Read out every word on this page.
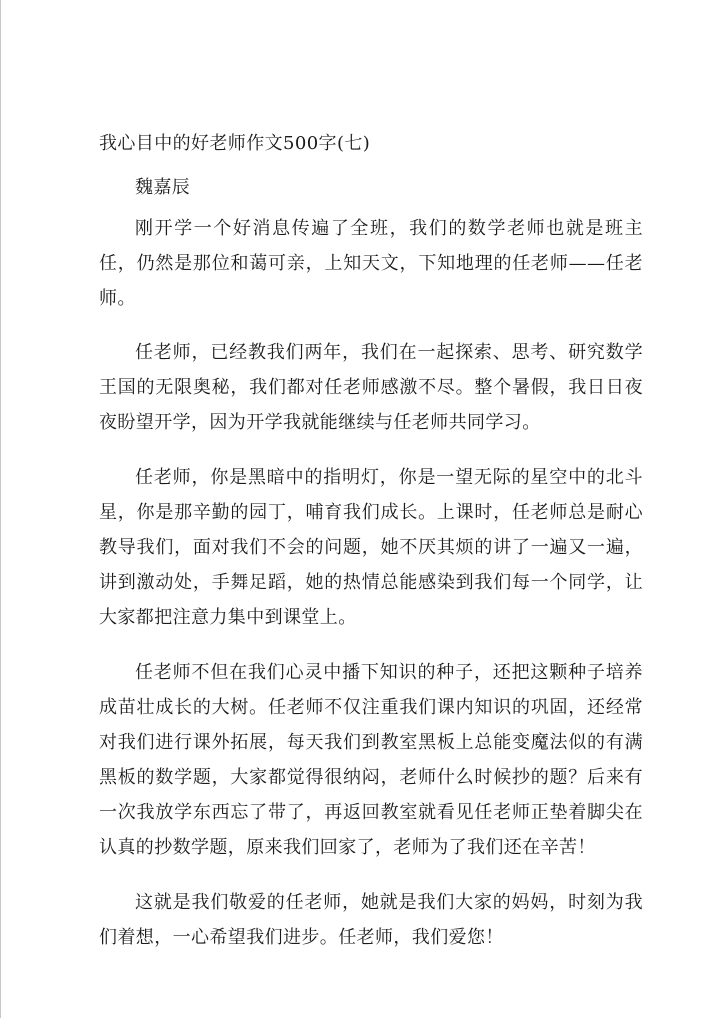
我心目中的好老师作文500字(七)

魏嘉辰

刚开学一个好消息传遍了全班，我们的数学老师也就是班主任，仍然是那位和蔼可亲，上知天文，下知地理的任老师——任老师。

任老师，已经教我们两年，我们在一起探索、思考、研究数学王国的无限奥秘，我们都对任老师感激不尽。整个暑假，我日日夜夜盼望开学，因为开学我就能继续与任老师共同学习。

任老师，你是黑暗中的指明灯，你是一望无际的星空中的北斗星，你是那辛勤的园丁，哺育我们成长。上课时，任老师总是耐心教导我们，面对我们不会的问题，她不厌其烦的讲了一遍又一遍，讲到激动处，手舞足蹈，她的热情总能感染到我们每一个同学，让大家都把注意力集中到课堂上。

任老师不但在我们心灵中播下知识的种子，还把这颗种子培养成苗壮成长的大树。任老师不仅注重我们课内知识的巩固，还经常对我们进行课外拓展，每天我们到教室黑板上总能变魔法似的有满黑板的数学题，大家都觉得很纳闷，老师什么时候抄的题？后来有一次我放学东西忘了带了，再返回教室就看见任老师正垫着脚尖在认真的抄数学题，原来我们回家了，老师为了我们还在辛苦！

这就是我们敬爱的任老师，她就是我们大家的妈妈，时刻为我们着想，一心希望我们进步。任老师，我们爱您！
